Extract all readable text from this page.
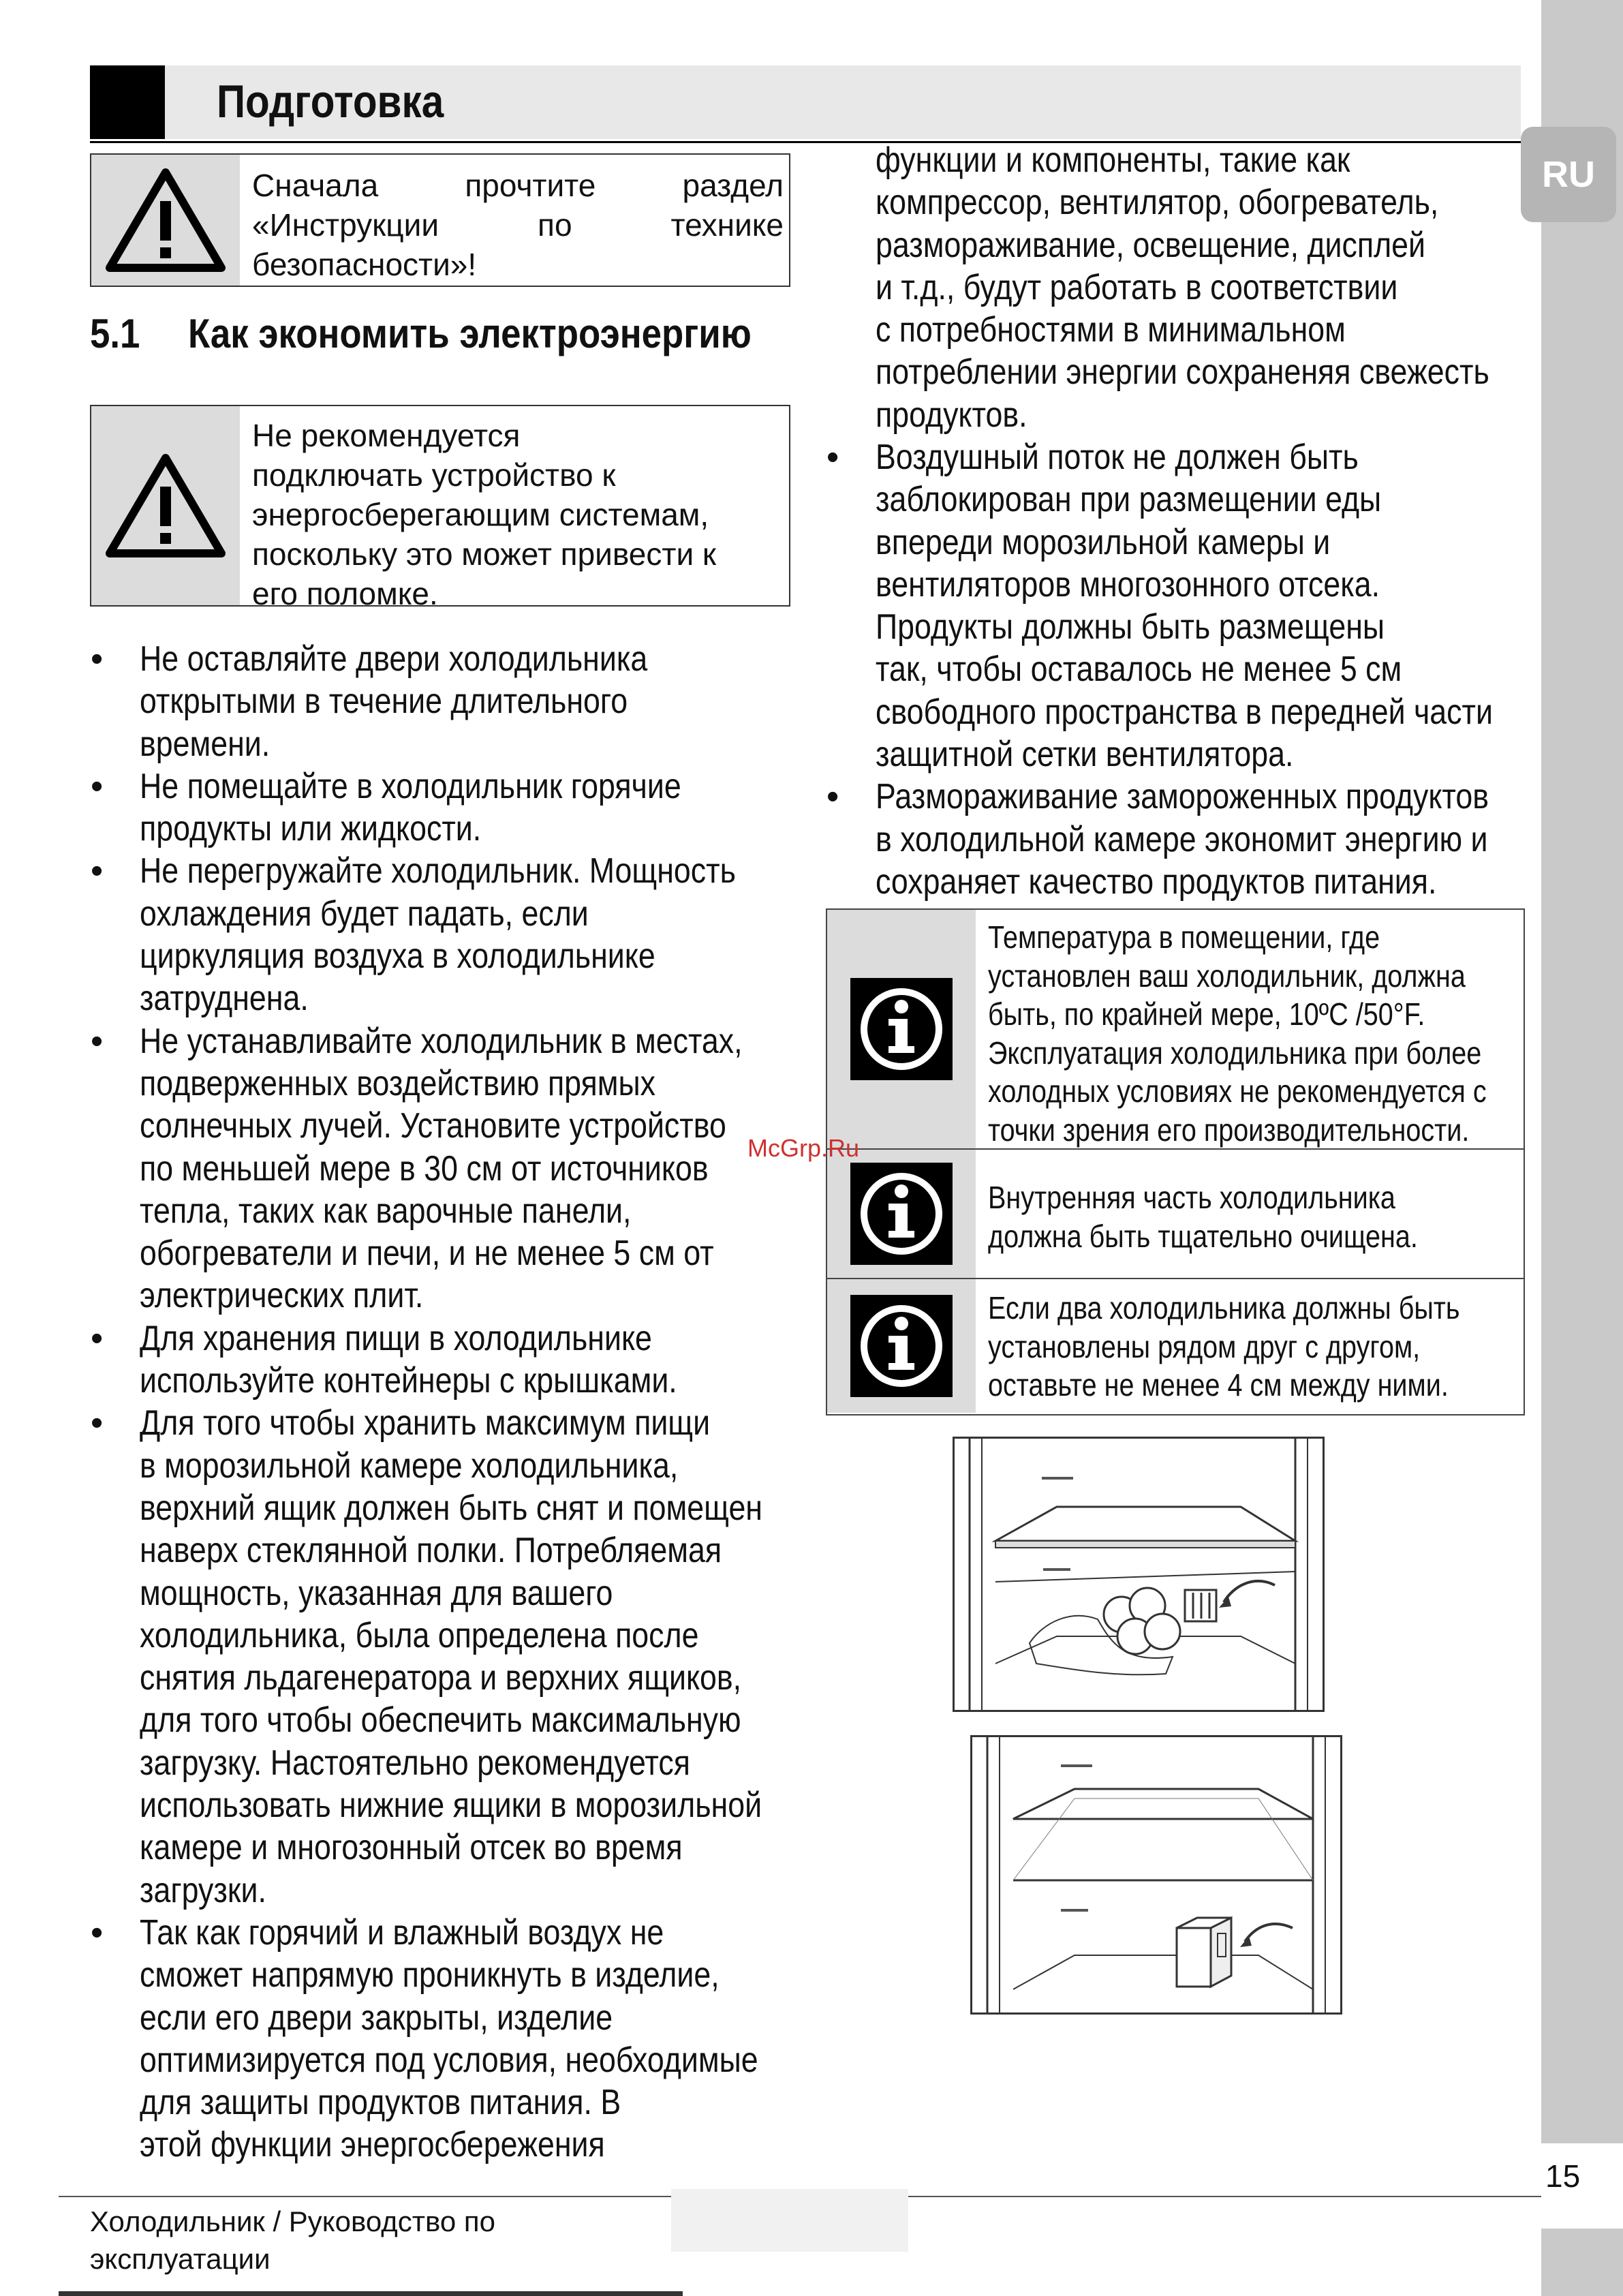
RU
Подготовка
Сначала прочтите раздел
«Инструкции по технике
безопасности»!
5.1 Как экономить электроэнергию
Не рекомендуется
подключать устройство к
энергосберегающим системам,
поскольку это может привести к
его поломке.
• Не оставляйте двери холодильника
открытыми в течение длительного
времени.
• Не помещайте в холодильник горячие
продукты или жидкости.
• Не перегружайте холодильник. Мощность
охлаждения будет падать, если
циркуляция воздуха в холодильнике
затруднена.
• Не устанавливайте холодильник в местах,
подверженных воздействию прямых
солнечных лучей. Установите устройство
по меньшей мере в 30 см от источников
тепла, таких как варочные панели,
обогреватели и печи, и не менее 5 см от
электрических плит.
• Для хранения пищи в холодильнике
используйте контейнеры с крышками.
• Для того чтобы хранить максимум пищи
в морозильной камере холодильника,
верхний ящик должен быть снят и помещен
наверх стеклянной полки. Потребляемая
мощность, указанная для вашего
холодильника, была определена после
снятия льдагенератора и верхних ящиков,
для того чтобы обеспечить максимальную
загрузку. Настоятельно рекомендуется
использовать нижние ящики в морозильной
камере и многозонный отсек во время
загрузки.
• Так как горячий и влажный воздух не
сможет напрямую проникнуть в изделие,
если его двери закрыты, изделие
оптимизируется под условия, необходимые
для защиты продуктов питания. В
этой функции энергосбережения
функции и компоненты, такие как
компрессор, вентилятор, обогреватель,
размораживание, освещение, дисплей
и т.д., будут работать в соответствии
с потребностями в минимальном
потреблении энергии сохраненяя свежесть
продуктов.
• Воздушный поток не должен быть
заблокирован при размещении еды
впереди морозильной камеры и
вентиляторов многозонного отсека.
Продукты должны быть размещены
так, чтобы оставалось не менее 5 см
свободного пространства в передней части
защитной сетки вентилятора.
• Размораживание замороженных продуктов
в холодильной камере экономит энергию и
сохраняет качество продуктов питания.
Температура в помещении, где
установлен ваш холодильник, должна
быть, по крайней мере, 10ºC /50°F.
Эксплуатация холодильника при более
холодных условиях не рекомендуется с
точки зрения его производительности.
Внутренняя часть холодильника
должна быть тщательно очищена.
Если два холодильника должны быть
установлены рядом друг с другом,
оставьте не менее 4 см между ними.
McGrp.Ru
15
Холодильник / Руководство по
эксплуатации
